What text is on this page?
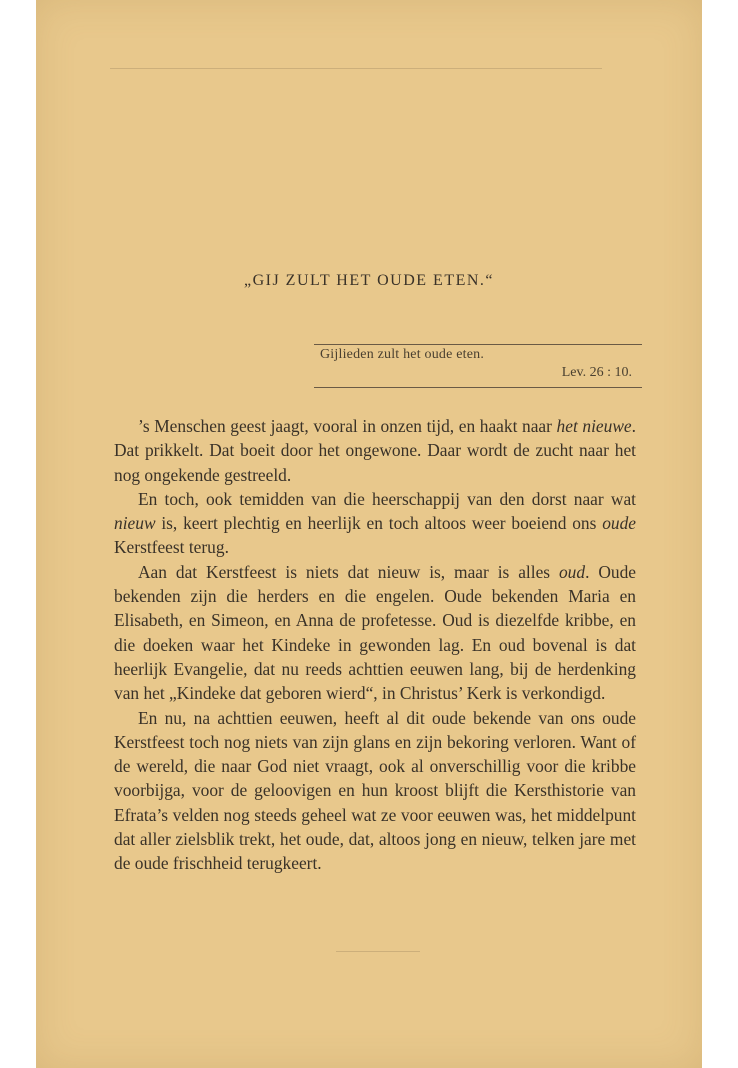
„GIJ ZULT HET OUDE ETEN.“
Gijlieden zult het oude eten.
Lev. 26 : 10.

’s Menschen geest jaagt, vooral in onzen tijd, en haakt naar het nieuwe. Dat prikkelt. Dat boeit door het ongewone. Daar wordt de zucht naar het nog ongekende gestreeld.

En toch, ook temidden van die heerschappij van den dorst naar wat nieuw is, keert plechtig en heerlijk en toch altoos weer boeiend ons oude Kerstfeest terug.

Aan dat Kerstfeest is niets dat nieuw is, maar is alles oud. Oude bekenden zijn die herders en die engelen. Oude bekenden Maria en Elisabeth, en Simeon, en Anna de profetesse. Oud is diezelfde kribbe, en die doeken waar het Kindeke in gewonden lag. En oud bovenal is dat heerlijk Evangelie, dat nu reeds achttien eeuwen lang, bij de herdenking van het „Kindeke dat geboren wierd“, in Christus’ Kerk is verkondigd.

En nu, na achttien eeuwen, heeft al dit oude bekende van ons oude Kerstfeest toch nog niets van zijn glans en zijn bekoring verloren. Want of de wereld, die naar God niet vraagt, ook al onverschillig voor die kribbe voorbijga, voor de geloovigen en hun kroost blijft die Kersthistorie van Efrata’s velden nog steeds geheel wat ze voor eeuwen was, het middelpunt dat aller zielsblik trekt, het oude, dat, altoos jong en nieuw, telken jare met de oude frischheid terugkeert.
